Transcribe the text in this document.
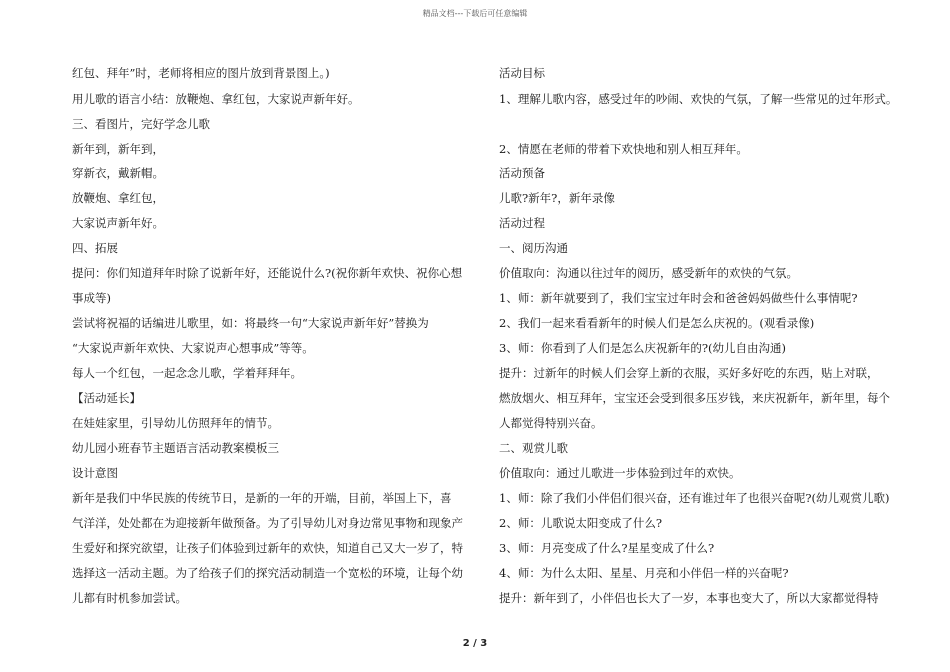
精品文档---下载后可任意编辑
红包、拜年”时，老师将相应的图片放到背景图上。)
用儿歌的语言小结：放鞭炮、拿红包，大家说声新年好。
三、看图片，完好学念儿歌
新年到，新年到，
穿新衣，戴新帽。
放鞭炮、拿红包，
大家说声新年好。
四、拓展
提问：你们知道拜年时除了说新年好，还能说什么?(祝你新年欢快、祝你心想
事成等)
尝试将祝福的话编进儿歌里，如：将最终一句“大家说声新年好”替换为
“大家说声新年欢快、大家说声心想事成”等等。
每人一个红包，一起念念儿歌，学着拜拜年。
【活动延长】
在娃娃家里，引导幼儿仿照拜年的情节。
幼儿园小班春节主题语言活动教案模板三
设计意图
新年是我们中华民族的传统节日，是新的一年的开端，目前，举国上下，喜
气洋洋，处处都在为迎接新年做预备。为了引导幼儿对身边常见事物和现象产
生爱好和探究欲望，让孩子们体验到过新年的欢快，知道自己又大一岁了，特
选择这一活动主题。为了给孩子们的探究活动制造一个宽松的环境，让每个幼
儿都有时机参加尝试。
活动目标
1、理解儿歌内容，感受过年的吵闹、欢快的气氛，了解一些常见的过年形式。
2、情愿在老师的带着下欢快地和别人相互拜年。
活动预备
儿歌?新年?，新年录像
活动过程
一、阅历沟通
价值取向：沟通以往过年的阅历，感受新年的欢快的气氛。
1、师：新年就要到了，我们宝宝过年时会和爸爸妈妈做些什么事情呢?
2、我们一起来看看新年的时候人们是怎么庆祝的。(观看录像)
3、师：你看到了人们是怎么庆祝新年的?(幼儿自由沟通)
提升：过新年的时候人们会穿上新的衣服，买好多好吃的东西，贴上对联，
燃放烟火、相互拜年，宝宝还会受到很多压岁钱，来庆祝新年，新年里，每个
人都觉得特别兴奋。
二、观赏儿歌
价值取向：通过儿歌进一步体验到过年的欢快。
1、师：除了我们小伴侣们很兴奋，还有谁过年了也很兴奋呢?(幼儿观赏儿歌)
2、师：儿歌说太阳变成了什么?
3、师：月亮变成了什么?星星变成了什么?
4、师：为什么太阳、星星、月亮和小伴侣一样的兴奋呢?
提升：新年到了，小伴侣也长大了一岁，本事也变大了，所以大家都觉得特
2 / 3
